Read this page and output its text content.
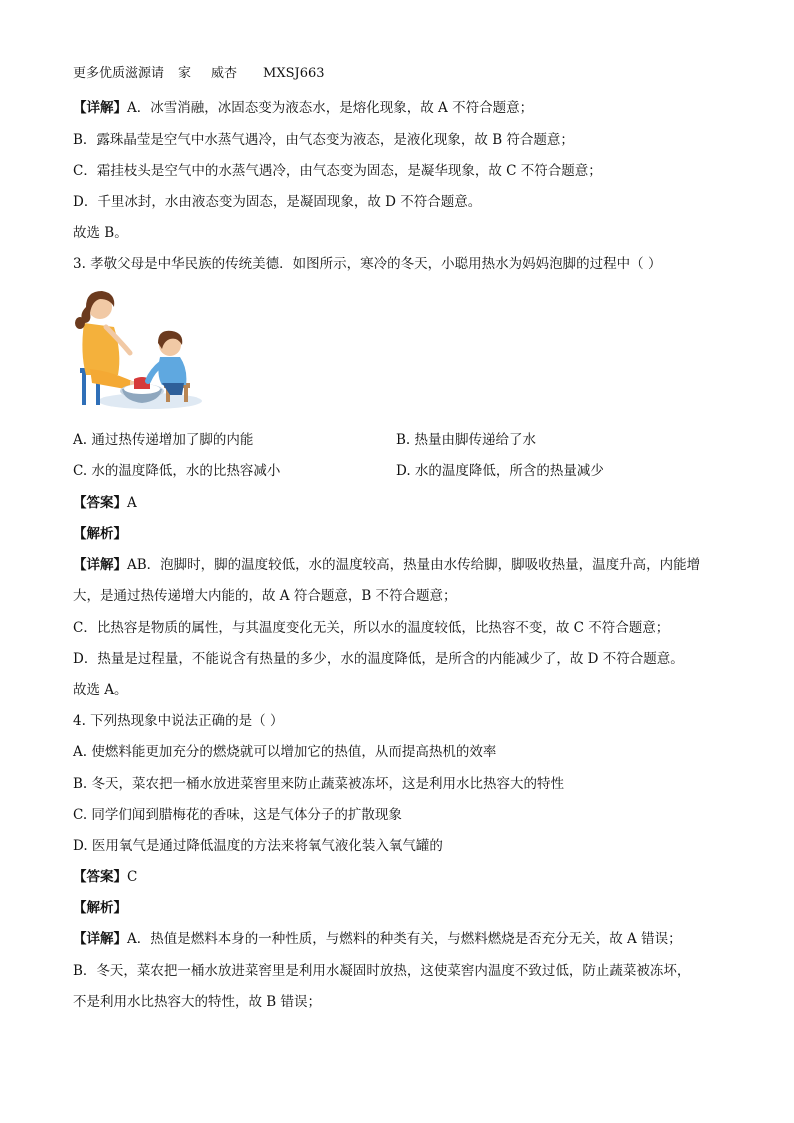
更多优质滋源请 家 威杏 MXSJ663
【详解】A．冰雪消融，冰固态变为液态水，是熔化现象，故 A 不符合题意；
B．露珠晶莹是空气中水蒸气遇冷，由气态变为液态，是液化现象，故 B 符合题意；
C．霜挂枝头是空气中的水蒸气遇冷，由气态变为固态，是凝华现象，故 C 不符合题意；
D．千里冰封，水由液态变为固态，是凝固现象，故 D 不符合题意。
故选 B。
3. 孝敬父母是中华民族的传统美德．如图所示，寒冷的冬天，小聪用热水为妈妈泡脚的过程中（ ）
A. 通过热传递增加了脚的内能	B. 热量由脚传递给了水
C. 水的温度降低，水的比热容减小	D. 水的温度降低，所含的热量减少
【答案】A
【解析】
【详解】AB．泡脚时，脚的温度较低，水的温度较高，热量由水传给脚，脚吸收热量，温度升高，内能增
大，是通过热传递增大内能的，故 A 符合题意，B 不符合题意；
C．比热容是物质的属性，与其温度变化无关，所以水的温度较低，比热容不变，故 C 不符合题意；
D．热量是过程量，不能说含有热量的多少，水的温度降低，是所含的内能减少了，故 D 不符合题意。
故选 A。
4. 下列热现象中说法正确的是（ ）
A. 使燃料能更加充分的燃烧就可以增加它的热值，从而提高热机的效率
B. 冬天，菜农把一桶水放进菜窖里来防止蔬菜被冻坏，这是利用水比热容大的特性
C. 同学们闻到腊梅花的香味，这是气体分子的扩散现象
D. 医用氧气是通过降低温度的方法来将氧气液化装入氧气罐的
【答案】C
【解析】
【详解】A．热值是燃料本身的一种性质，与燃料的种类有关，与燃料燃烧是否充分无关，故 A 错误；
B．冬天，菜农把一桶水放进菜窖里是利用水凝固时放热，这使菜窖内温度不致过低，防止蔬菜被冻坏，
不是利用水比热容大的特性，故 B 错误；
